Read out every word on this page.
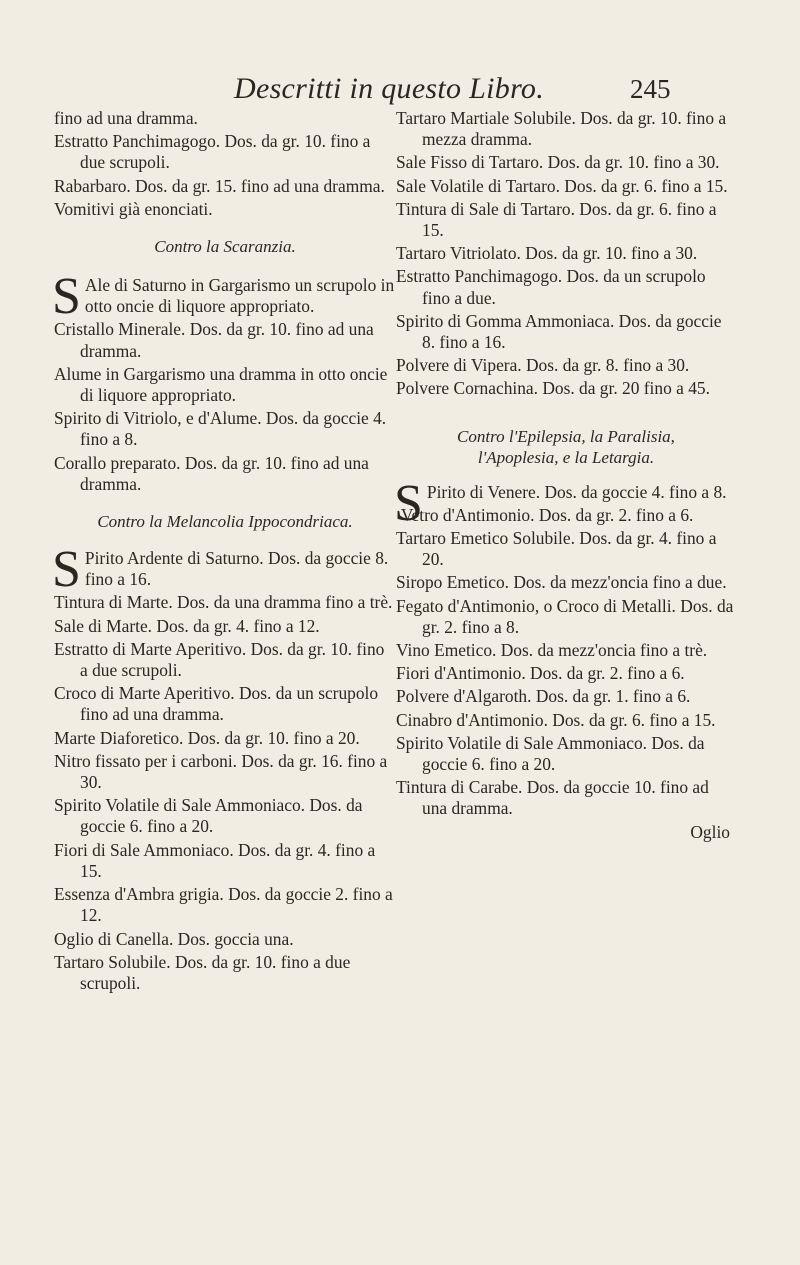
Descritti in questo Libro.	245

fino ad una dramma.

Estratto Panchimagogo. Dos. da gr. 10. fino a due scrupoli.

Rabarbaro. Dos. da gr. 15. fino ad una dramma.

Vomitivi già enonciati.

Contro la Scaranzia.

S Ale di Saturno in Gargarismo un scrupolo in otto oncie di liquore appropriato.

Cristallo Minerale. Dos. da gr. 10. fino ad una dramma.

Alume in Gargarismo una dramma in otto oncie di liquore appropriato.

Spirito di Vitriolo, e d'Alume. Dos. da goccie 4. fino a 8.

Corallo preparato. Dos. da gr. 10. fino ad una dramma.

Contro la Melancolia Ippocondriaca.

S Pirito Ardente di Saturno. Dos. da goccie 8. fino a 16.

Tintura di Marte. Dos. da una dramma fino a trè.

Sale di Marte. Dos. da gr. 4. fino a 12.

Estratto di Marte Aperitivo. Dos. da gr. 10. fino a due scrupoli.

Croco di Marte Aperitivo. Dos. da un scrupolo fino ad una dramma.

Marte Diaforetico. Dos. da gr. 10. fino a 20.

Nitro fissato per i carboni. Dos. da gr. 16. fino a 30.

Spirito Volatile di Sale Ammoniaco. Dos. da goccie 6. fino a 20.

Fiori di Sale Ammoniaco. Dos. da gr. 4. fino a 15.

Essenza d'Ambra grigia. Dos. da goccie 2. fino a 12.

Oglio di Canella. Dos. goccia una.

Tartaro Solubile. Dos. da gr. 10. fino a due scrupoli.

Tartaro Martiale Solubile. Dos. da gr. 10. fino a mezza dramma.

Sale Fisso di Tartaro. Dos. da gr. 10. fino a 30.

Sale Volatile di Tartaro. Dos. da gr. 6. fino a 15.

Tintura di Sale di Tartaro. Dos. da gr. 6. fino a 15.

Tartaro Vitriolato. Dos. da gr. 10. fino a 30.

Estratto Panchimagogo. Dos. da un scrupolo fino a due.

Spirito di Gomma Ammoniaca. Dos. da goccie 8. fino a 16.

Polvere di Vipera. Dos. da gr. 8. fino a 30.

Polvere Cornachina. Dos. da gr. 20 fino a 45.

Contro l'Epilepsia, la Paralisia,
l'Apoplesia, e la Letargia.

S Pirito di Venere. Dos. da goccie 4. fino a 8.

Vetro d'Antimonio. Dos. da gr. 2. fino a 6.

Tartaro Emetico Solubile. Dos. da gr. 4. fino a 20.

Siropo Emetico. Dos. da mezz'oncia fino a due.

Fegato d'Antimonio, o Croco di Metalli. Dos. da gr. 2. fino a 8.

Vino Emetico. Dos. da mezz'oncia fino a trè.

Fiori d'Antimonio. Dos. da gr. 2. fino a 6.

Polvere d'Algaroth. Dos. da gr. 1. fino a 6.

Cinabro d'Antimonio. Dos. da gr. 6. fino a 15.

Spirito Volatile di Sale Ammoniaco. Dos. da goccie 6. fino a 20.

Tintura di Carabe. Dos. da goccie 10. fino ad una dramma.

Oglio
